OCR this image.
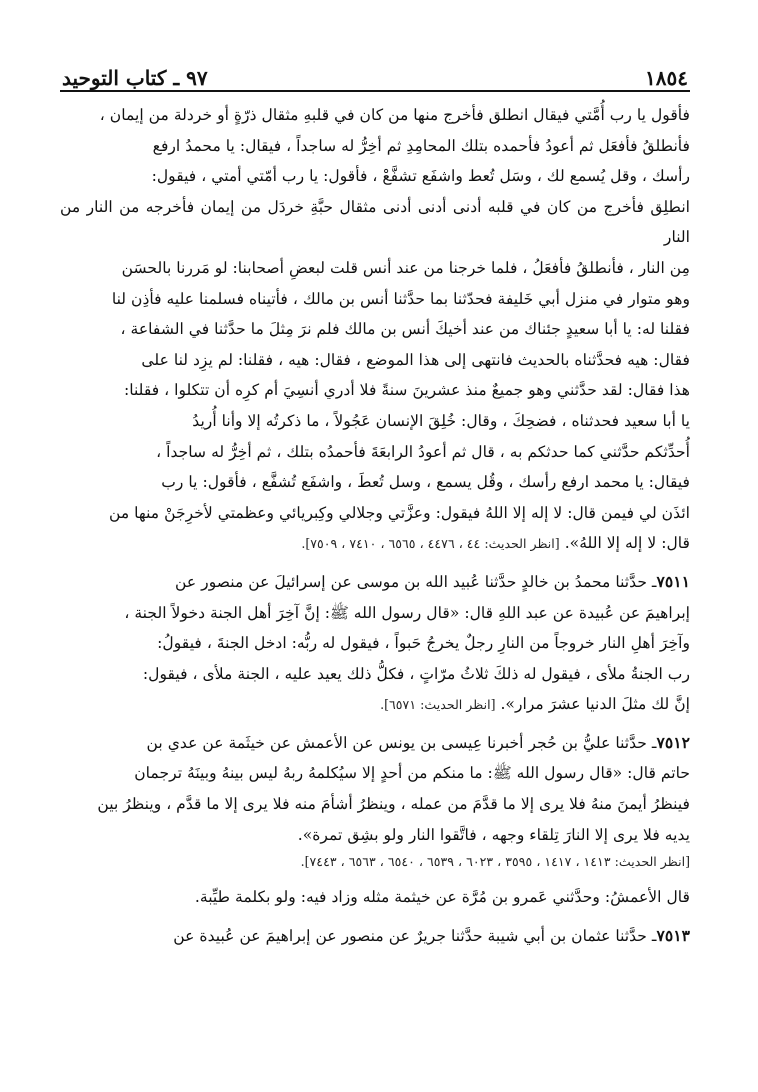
١٨٥٤
٩٧ ـ كتاب التوحيد

فأقول يا رب أُمَّتي فيقال انطلق فأخرج منها من كان في قلبهِ مثقال ذرّةٍ أو خردلة من إيمان ،

فأنطلقُ فأفعَل ثم أعودُ فأحمده بتلك المحامِدِ ثم أخِرُّ له ساجداً ، فيقال: يا محمدُ ارفع

رأسك ، وقل يُسمع لك ، وسَل تُعط واشفَع تشفَّعْ ، فأقول: يا رب أمّتي أمتي ، فيقول:

انطلِق فأخرج من كان في قلبه أدنى أدنى أدنى مثقال حبَّةِ خردَل من إيمان فأخرجه من النار من النار

مِن النار ، فأنطلقُ فأفعَلُ ، فلما خرجنا من عند أنس قلت لبعضِ أصحابنا: لو مَررنا بالحسَن

وهو متوار في منزل أبي خَليفة فحدّثنا بما حدَّثنا أنس بن مالك ، فأتيناه فسلمنا عليه فأذِن لنا

فقلنا له: يا أبا سعيدٍ جئناك من عند أخيكَ أنس بن مالك فلم نرَ مِثلَ ما حدَّثنا في الشفاعة ،

فقال: هيه فحدَّثناه بالحديث فانتهى إلى هذا الموضع ، فقال: هيه ، فقلنا: لم يزِد لنا على

هذا فقال: لقد حدَّثني وهو جميعٌ منذ عشرينَ سنةً فلا أدري أنسِيَ أم كرِه أن تتكلوا ، فقلنا:

يا أبا سعيد فحدثناه ، فضحِكَ ، وقال: خُلِقَ الإنسان عَجُولاً ، ما ذكرتُه إلا وأنا أُريدُ

أُحدِّثكم حدَّثني كما حدثكم به ، قال ثم أعودُ الرابعَةَ فأحمدُه بتلك ، ثم أخِرُّ له ساجداً ،

فيقال: يا محمد ارفع رأسك ، وقُل يسمع ، وسل تُعطَ ، واشفَع تُشفَّع ، فأقول: يا رب

ائذَن لي فيمن قال: لا إله إلا اللهُ فيقول: وعزَّتي وجلالي وكِبريائي وعظمتي لأخرِجَنْ منها من

قال: لا إله إلا اللهُ». [انظر الحديث: ٤٤ ، ٤٤٧٦ ، ٦٥٦٥ ، ٧٤١٠ ، ٧٥٠٩].

٧٥١١ـ حدَّثنا محمدُ بن خالدٍ حدَّثنا عُبيد الله بن موسى عن إسرائيلَ عن منصور عن

إبراهيمَ عن عُبيدة عن عبد اللهِ قال: «قال رسول الله ﷺ: إنَّ آخِرَ أهل الجنة دخولاً الجنة ،

وآخِرَ أهلِ النار خروجاً من النارِ رجلٌ يخرجُ حَبواً ، فيقول له ربُّه: ادخل الجنةَ ، فيقولُ:

رب الجنةُ ملأى ، فيقول له ذلكَ ثلاثُ مرّاتٍ ، فكلُّ ذلك يعيد عليه ، الجنة ملأى ، فيقول:

إنَّ لك مثلَ الدنيا عشرَ مرار». [انظر الحديث: ٦٥٧١].

٧٥١٢ـ حدَّثنا عليُّ بن حُجر أخبرنا عِيسى بن يونس عن الأعمش عن خيثَمة عن عدي بن

حاتم قال: «قال رسول الله ﷺ: ما منكم من أحدٍ إلا سيُكلمهُ ربهُ ليس بينهُ وبينَهُ ترجمان

فينظرُ أيمنَ منهُ فلا يرى إلا ما قدَّمَ من عمله ، وينظرُ أشأمَ منه فلا يرى إلا ما قدَّم ، وينظرُ بين

يديه فلا يرى إلا النارَ تِلقاء وجهه ، فاتَّقوا النار ولو بشِق تمرة».

[انظر الحديث: ١٤١٣ ، ١٤١٧ ، ٣٥٩٥ ، ٦٠٢٣ ، ٦٥٣٩ ، ٦٥٤٠ ، ٦٥٦٣ ، ٧٤٤٣].

قال الأعمشُ: وحدَّثني عَمرو بن مُرَّة عن خيثمة مثله وزاد فيه: ولو بكلمة طيِّبة.

٧٥١٣ـ حدَّثنا عثمان بن أبي شيبة حدَّثنا جريرٌ عن منصور عن إبراهيمَ عن عُبيدة عن
